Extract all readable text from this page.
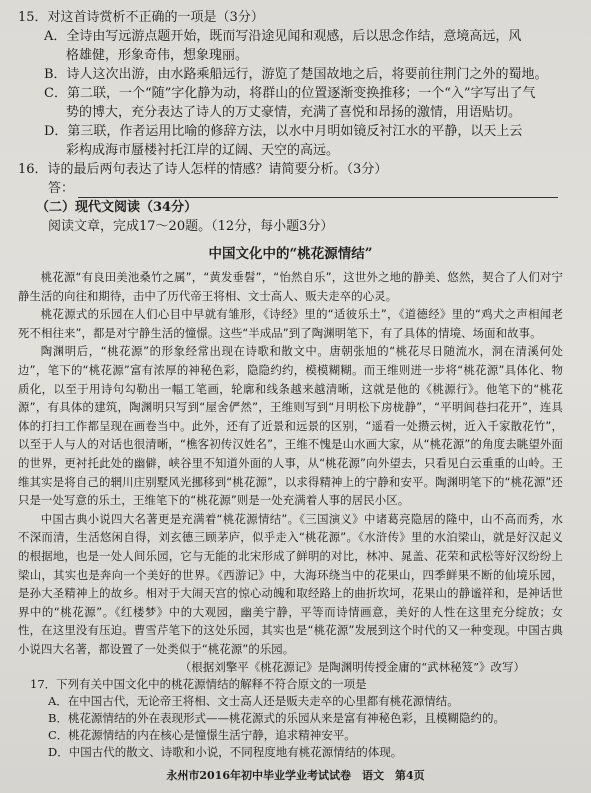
15．对这首诗赏析不正确的一项是（3分）
A．全诗由写远游点题开始，既而写沿途见闻和观感，后以思念作结，意境高远，风
格雄健，形象奇伟，想象瑰丽。
B．诗人这次出游，由水路乘船远行，游览了楚国故地之后，将要前往荆门之外的蜀地。
C．第二联，一个“随”字化静为动，将群山的位置逐渐变换推移；一个“入”字写出了气
势的博大，充分表达了诗人的万丈豪情，充满了喜悦和昂扬的激情，用语贴切。
D．第三联，作者运用比喻的修辞方法，以水中月明如镜反衬江水的平静，以天上云
彩构成海市蜃楼衬托江岸的辽阔、天空的高远。
16．诗的最后两句表达了诗人怎样的情感？请简要分析。（3分）
答：
（二）现代文阅读（34分）
阅读文章，完成17～20题。（12分，每小题3分）
中国文化中的“桃花源情结”

桃花源“有良田美池桑竹之属”，“黄发垂髫”，“怡然自乐”，这世外之地的静美、悠然，契合了人们对宁静生活的向往和期待，击中了历代帝王将相、文士高人、贩夫走卒的心灵。

桃花源式的乐园在人们心目中早就有雏形，《诗经》里的“适彼乐土”，《道德经》里的“鸡犬之声相闻老死不相往来”，都是对宁静生活的憧憬。这些“半成品”到了陶渊明笔下，有了具体的情境、场面和故事。

陶渊明后，“桃花源”的形象经常出现在诗歌和散文中。唐朝张旭的“桃花尽日随流水，洞在清溪何处边”，笔下的“桃花源”富有浓厚的神秘色彩，隐隐约约，模模糊糊。而王维则进一步将“桃花源”具体化、物质化，以至于用诗句勾勒出一幅工笔画，轮廓和线条越来越清晰，这就是他的《桃源行》。他笔下的“桃花源”，有具体的建筑，陶渊明只写到“屋舍俨然”，王维则写到“月明松下房栊静”，“平明闾巷扫花开”，连具体的打扫工作都呈现在画卷当中。此外，还有了近景和远景的区别，“遥看一处攒云树，近入千家散花竹”，以至于人与人的对话也很清晰，“樵客初传汉姓名”，王维不愧是山水画大家，从“桃花源”的角度去眺望外面的世界，更衬托此处的幽僻，峡谷里不知道外面的人事，从“桃花源”向外望去，只看见白云重重的山岭。王维其实是将自己的辋川庄别墅风光挪移到“桃花源”，以求得精神上的宁静和安平。陶渊明笔下的“桃花源”还只是一处写意的乐土，王维笔下的“桃花源”则是一处充满着人事的居民小区。

中国古典小说四大名著更是充满着“桃花源情结”。《三国演义》中诸葛亮隐居的隆中，山不高而秀，水不深而清，生活悠闲自得，刘玄德三顾茅庐，似乎走入“桃花源”。《水浒传》里的水泊梁山，就是好汉起义的根据地，也是一处人间乐园，它与无能的北宋形成了鲜明的对比，林冲、晁盖、花荣和武松等好汉纷纷上梁山，其实也是奔向一个美好的世界。《西游记》中，大海环绕当中的花果山，四季鲜果不断的仙境乐园，是孙大圣精神上的故乡。相对于大闹天宫的惊心动魄和取经路上的曲折坎坷，花果山的静谧祥和，是神话世界中的“桃花源”。《红楼梦》中的大观园，幽美宁静，平等而诗情画意，美好的人性在这里充分绽放；女性，在这里没有压迫。曹雪芹笔下的这处乐园，其实也是“桃花源”发展到这个时代的又一种变现。中国古典小说四大名著，都设置了一处类似于“桃花源”的乐园。

（根据刘擎平《桃花源记》是陶渊明传授金庸的“武林秘笈”》改写）
17．下列有关中国文化中的桃花源情结的解释不符合原文的一项是
A．在中国古代，无论帝王将相、文士高人还是贩夫走卒的心里都有桃花源情结。
B．桃花源情结的外在表现形式——桃花源式的乐园从来是富有神秘色彩，且模糊隐约的。
C．桃花源情结的内在核心是憧憬生活宁静，追求精神安平。
D．中国古代的散文、诗歌和小说，不同程度地有桃花源情结的体现。
永州市2016年初中毕业学业考试试卷　语文　第4页
